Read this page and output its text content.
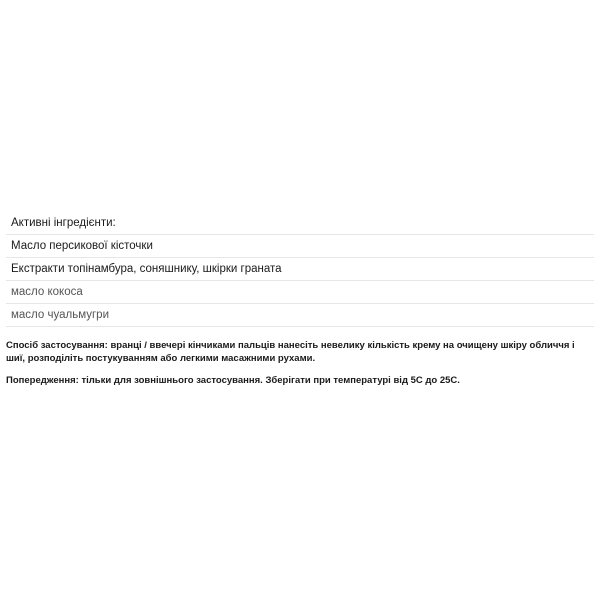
Активні інгредієнти:
Масло персикової кісточки
Екстракти топінамбура, соняшнику, шкірки граната
масло кокоса
масло чуальмугри

Спосіб застосування: вранці / ввечері кінчиками пальців нанесіть невелику кількість крему на очищену шкіру обличчя і шиї, розподіліть постукуванням або легкими масажними рухами.

Попередження: тільки для зовнішнього застосування. Зберігати при температурі від 5С до 25С.
